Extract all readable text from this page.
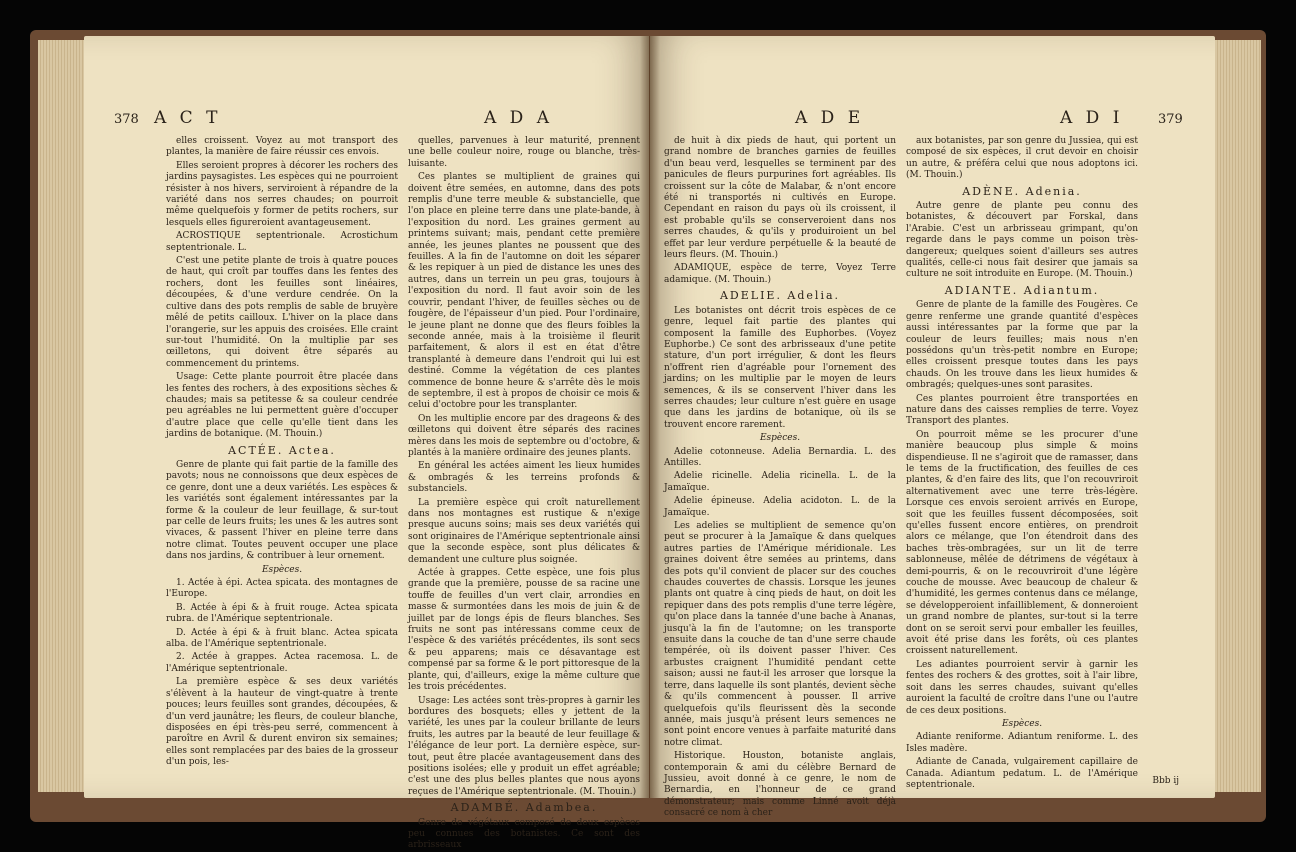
378 A C T	A D A

elles croissent. Voyez au mot transport des plantes, la manière de faire réussir ces envois.

Elles seroient propres à décorer les rochers des jardins paysagistes. Les espèces qui ne pourroient résister à nos hivers, serviroient à répandre de la variété dans nos serres chaudes; on pourroit même quelquefois y former de petits rochers, sur lesquels elles figureroient avantageusement.

ACROSTIQUE septentrionale. Acrostichum septentrionale. L.

C'est une petite plante de trois à quatre pouces de haut, qui croît par touffes dans les fentes des rochers, dont les feuilles sont linéaires, découpées, & d'une verdure cendrée. On la cultive dans des pots remplis de sable de bruyère mêlé de petits cailloux. L'hiver on la place dans l'orangerie, sur les appuis des croisées. Elle craint sur-tout l'humidité. On la multiplie par ses œilletons, qui doivent être séparés au commencement du printems.

Usage: Cette plante pourroit être placée dans les fentes des rochers, à des expositions sèches & chaudes; mais sa petitesse & sa couleur cendrée peu agréables ne lui permettent guère d'occuper d'autre place que celle qu'elle tient dans les jardins de botanique. (M. Thouin.)

ACTÉE. Actea.

Genre de plante qui fait partie de la famille des pavots; nous ne connoissons que deux espèces de ce genre, dont une a deux variétés. Les espèces & les variétés sont également intéressantes par la forme & la couleur de leur feuillage, & sur-tout par celle de leurs fruits; les unes & les autres sont vivaces, & passent l'hiver en pleine terre dans notre climat. Toutes peuvent occuper une place dans nos jardins, & contribuer à leur ornement.

Espèces.

1. Actée à épi. Actea spicata. des montagnes de l'Europe.

B. Actée à épi & à fruit rouge. Actea spicata rubra. de l'Amérique septentrionale.

D. Actée à épi & à fruit blanc. Actea spicata alba. de l'Amérique septentrionale.

2. Actée à grappes. Actea racemosa. L. de l'Amérique septentrionale.

La première espèce & ses deux variétés s'élèvent à la hauteur de vingt-quatre à trente pouces; leurs feuilles sont grandes, découpées, & d'un verd jaunâtre; les fleurs, de couleur blanche, disposées en épi très-peu serré, commencent à paroître en Avril & durent environ six semaines; elles sont remplacées par des baies de la grosseur d'un pois, les-

quelles, parvenues à leur maturité, prennent une belle couleur noire, rouge ou blanche, très-luisante.

Ces plantes se multiplient de graines qui doivent être semées, en automne, dans des pots remplis d'une terre meuble & substancielle, que l'on place en pleine terre dans une plate-bande, à l'exposition du nord. Les graines germent au printems suivant; mais, pendant cette première année, les jeunes plantes ne poussent que des feuilles. A la fin de l'automne on doit les séparer & les repiquer à un pied de distance les unes des autres, dans un terrein un peu gras, toujours à l'exposition du nord. Il faut avoir soin de les couvrir, pendant l'hiver, de feuilles sèches ou de fougère, de l'épaisseur d'un pied. Pour l'ordinaire, le jeune plant ne donne que des fleurs foibles la seconde année, mais à la troisième il fleurit parfaitement, & alors il est en état d'être transplanté à demeure dans l'endroit qui lui est destiné. Comme la végétation de ces plantes commence de bonne heure & s'arrête dès le mois de septembre, il est à propos de choisir ce mois & celui d'octobre pour les transplanter.

On les multiplie encore par des drageons & des œilletons qui doivent être séparés des racines mères dans les mois de septembre ou d'octobre, & plantés à la manière ordinaire des jeunes plants.

En général les actées aiment les lieux humides & ombragés & les terreins profonds & substanciels.

La première espèce qui croît naturellement dans nos montagnes est rustique & n'exige presque aucuns soins; mais ses deux variétés qui sont originaires de l'Amérique septentrionale ainsi que la seconde espèce, sont plus délicates & demandent une culture plus soignée.

Actée à grappes. Cette espèce, une fois plus grande que la première, pousse de sa racine une touffe de feuilles d'un vert clair, arrondies en masse & surmontées dans les mois de juin & de juillet par de longs épis de fleurs blanches. Ses fruits ne sont pas intéressans comme ceux de l'espèce & des variétés précédentes, ils sont secs & peu apparens; mais ce désavantage est compensé par sa forme & le port pittoresque de la plante, qui, d'ailleurs, exige la même culture que les trois précédentes.

Usage: Les actées sont très-propres à garnir les bordures des bosquets; elles y jettent de la variété, les unes par la couleur brillante de leurs fruits, les autres par la beauté de leur feuillage & l'élégance de leur port. La dernière espèce, sur-tout, peut être placée avantageusement dans des positions isolées; elle y produit un effet agréable; c'est une des plus belles plantes que nous ayons reçues de l'Amérique septentrionale. (M. Thouin.)

ADAMBÉ. Adambea.

Genre de végétaux composé de deux espèces peu connues des botanistes. Ce sont des arbrisseaux

A D E	A D I	379

de huit à dix pieds de haut, qui portent un grand nombre de branches garnies de feuilles d'un beau verd, lesquelles se terminent par des panicules de fleurs purpurines fort agréables. Ils croissent sur la côte de Malabar, & n'ont encore été ni transportés ni cultivés en Europe. Cependant en raison du pays où ils croissent, il est probable qu'ils se conserveroient dans nos serres chaudes, & qu'ils y produiroient un bel effet par leur verdure perpétuelle & la beauté de leurs fleurs. (M. Thouin.)

ADAMIQUE, espèce de terre, Voyez Terre adamique. (M. Thouin.)

ADELIE. Adelia.

Les botanistes ont décrit trois espèces de ce genre, lequel fait partie des plantes qui composent la famille des Euphorbes. (Voyez Euphorbe.) Ce sont des arbrisseaux d'une petite stature, d'un port irrégulier, & dont les fleurs n'offrent rien d'agréable pour l'ornement des jardins; on les multiplie par le moyen de leurs semences, & ils se conservent l'hiver dans les serres chaudes; leur culture n'est guère en usage que dans les jardins de botanique, où ils se trouvent encore rarement.

Espèces.

Adelie cotonneuse. Adelia Bernardia. L. des Antilles.

Adelie ricinelle. Adelia ricinella. L. de la Jamaïque.

Adelie épineuse. Adelia acidoton. L. de la Jamaïque.

Les adelies se multiplient de semence qu'on peut se procurer à la Jamaïque & dans quelques autres parties de l'Amérique méridionale. Les graines doivent être semées au printems, dans des pots qu'il convient de placer sur des couches chaudes couvertes de chassis. Lorsque les jeunes plants ont quatre à cinq pieds de haut, on doit les repiquer dans des pots remplis d'une terre légère, qu'on place dans la tannée d'une bache à Ananas, jusqu'à la fin de l'automne; on les transporte ensuite dans la couche de tan d'une serre chaude tempérée, où ils doivent passer l'hiver. Ces arbustes craignent l'humidité pendant cette saison; aussi ne faut-il les arroser que lorsque la terre, dans laquelle ils sont plantés, devient sèche & qu'ils commencent à pousser. Il arrive quelquefois qu'ils fleurissent dès la seconde année, mais jusqu'à présent leurs semences ne sont point encore venues à parfaite maturité dans notre climat.

Historique. Houston, botaniste anglais, contemporain & ami du célèbre Bernard de Jussieu, avoit donné à ce genre, le nom de Bernardia, en l'honneur de ce grand démonstrateur; mais comme Linné avoit déjà consacré ce nom à cher

aux botanistes, par son genre du Jussiea, qui est composé de six espèces, il crut devoir en choisir un autre, & préféra celui que nous adoptons ici. (M. Thouin.)

ADÈNE. Adenia.

Autre genre de plante peu connu des botanistes, & découvert par Forskal, dans l'Arabie. C'est un arbrisseau grimpant, qu'on regarde dans le pays comme un poison très-dangereux; quelques soient d'ailleurs ses autres qualités, celle-ci nous fait desirer que jamais sa culture ne soit introduite en Europe. (M. Thouin.)

ADIANTE. Adiantum.

Genre de plante de la famille des Fougères. Ce genre renferme une grande quantité d'espèces aussi intéressantes par la forme que par la couleur de leurs feuilles; mais nous n'en possédons qu'un très-petit nombre en Europe; elles croissent presque toutes dans les pays chauds. On les trouve dans les lieux humides & ombragés; quelques-unes sont parasites.

Ces plantes pourroient être transportées en nature dans des caisses remplies de terre. Voyez Transport des plantes.

On pourroit même se les procurer d'une manière beaucoup plus simple & moins dispendieuse. Il ne s'agiroit que de ramasser, dans le tems de la fructification, des feuilles de ces plantes, & d'en faire des lits, que l'on recouvriroit alternativement avec une terre très-légère. Lorsque ces envois seroient arrivés en Europe, soit que les feuilles fussent décomposées, soit qu'elles fussent encore entières, on prendroit alors ce mélange, que l'on étendroit dans des baches très-ombragées, sur un lit de terre sablonneuse, mêlée de détrimens de végétaux à demi-pourris, & on le recouvriroit d'une légère couche de mousse. Avec beaucoup de chaleur & d'humidité, les germes contenus dans ce mélange, se développeroient infailliblement, & donneroient un grand nombre de plantes, sur-tout si la terre dont on se seroit servi pour emballer les feuilles, avoit été prise dans les forêts, où ces plantes croissent naturellement.

Les adiantes pourroient servir à garnir les fentes des rochers & des grottes, soit à l'air libre, soit dans les serres chaudes, suivant qu'elles auroient la faculté de croître dans l'une ou l'autre de ces deux positions.

Espèces.

Adiante reniforme. Adiantum reniforme. L. des Isles madère.

Adiante de Canada, vulgairement capillaire de Canada. Adiantum pedatum. L. de l'Amérique septentrionale.	Bbb ij
